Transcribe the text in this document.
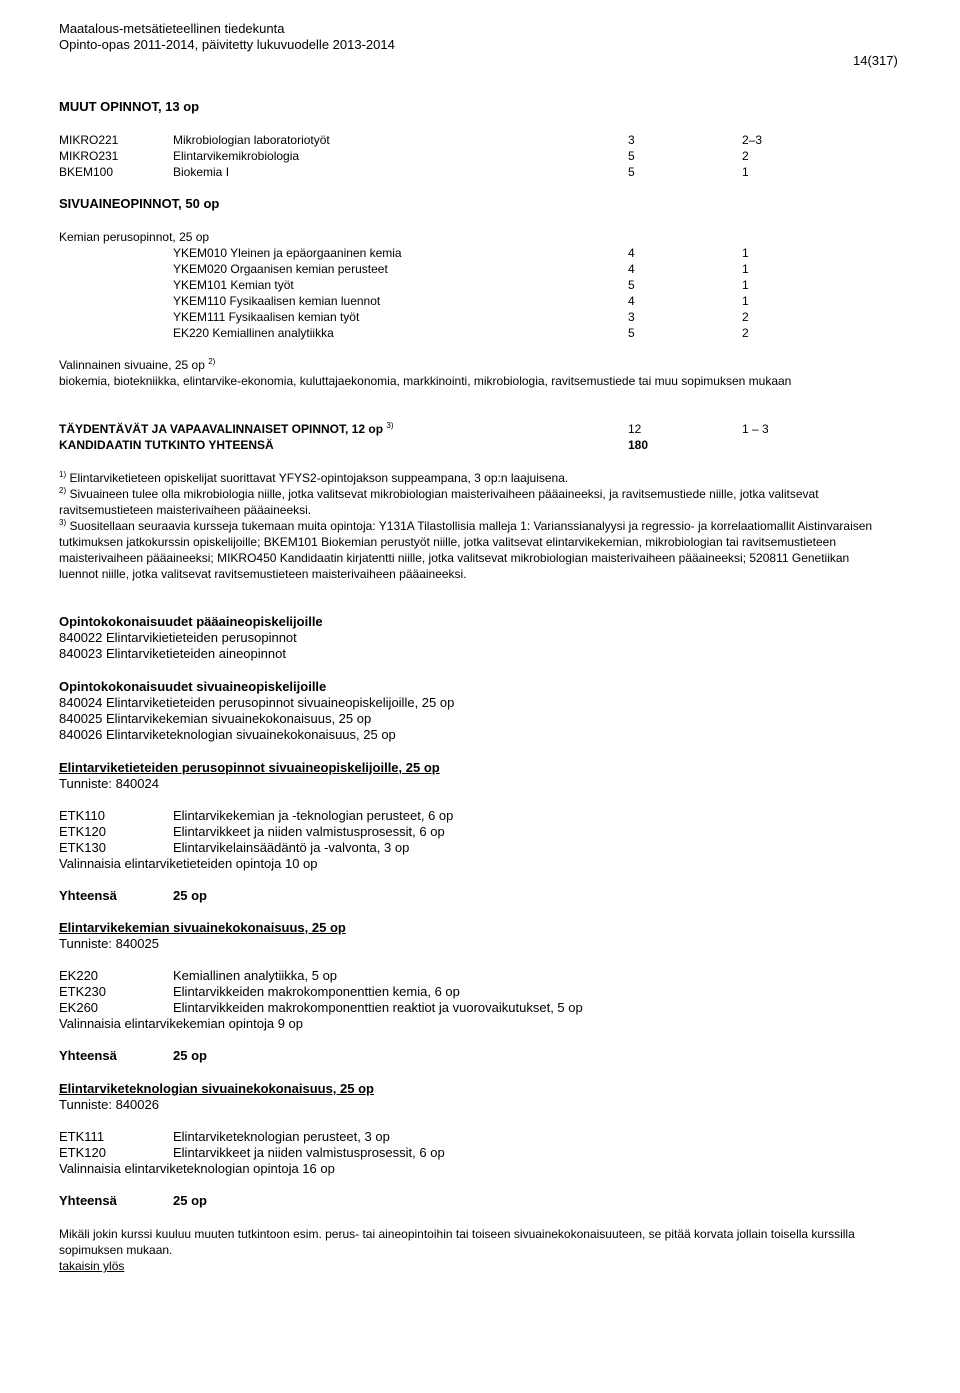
Maatalous-metsätieteellinen tiedekunta
Opinto-opas 2011-2014, päivitetty lukuvuodelle 2013-2014
14(317)
MUUT OPINNOT, 13 op
MIKRO221	Mikrobiologian laboratoriotyöt	3	2–3
MIKRO231	Elintarvikemikrobiologia	5	2
BKEM100	Biokemia I	5	1
SIVUAINEOPINNOT, 50 op
Kemian perusopinnot, 25 op
YKEM010 Yleinen ja epäorgaaninen kemia	4	1
YKEM020 Orgaanisen kemian perusteet	4	1
YKEM101 Kemian työt	5	1
YKEM110 Fysikaalisen kemian luennot	4	1
YKEM111 Fysikaalisen kemian työt	3	2
EK220 Kemiallinen analytiikka	5	2
Valinnainen sivuaine, 25 op $^{2)}$
biokemia, biotekniikka, elintarvike-ekonomia, kuluttajaekonomia, markkinointi, mikrobiologia, ravitsemustiede tai muu sopimuksen mukaan
TÄYDENTÄVÄT JA VAPAAVALINNAISET OPINNOT, 12 op $^{3)}$	12	1 – 3
KANDIDAATIN TUTKINTO YHTEENSÄ	180
$^{1)}$ Elintarviketieteen opiskelijat suorittavat YFYS2-opintojakson suppeampana, 3 op:n laajuisena.
$^{2)}$ Sivuaineen tulee olla mikrobiologia niille, jotka valitsevat mikrobiologian maisterivaiheen pääaineeksi, ja ravitsemustiede niille, jotka valitsevat ravitsemustieteen maisterivaiheen pääaineeksi.
$^{3)}$ Suositellaan seuraavia kursseja tukemaan muita opintoja: Y131A Tilastollisia malleja 1: Varianssianalyysi ja regressio- ja korrelaatiomallit Aistinvaraisen tutkimuksen jatkokurssin opiskelijoille; BKEM101 Biokemian perustyöt niille, jotka valitsevat elintarvikekemian, mikrobiologian tai ravitsemustieteen maisterivaiheen pääaineeksi; MIKRO450 Kandidaatin kirjatentti niille, jotka valitsevat mikrobiologian maisterivaiheen pääaineeksi; 520811 Genetiikan luennot niille, jotka valitsevat ravitsemustieteen maisterivaiheen pääaineeksi.
Opintokokonaisuudet pääaineopiskelijoille
840022 Elintarvikietieteiden perusopinnot
840023 Elintarviketieteiden aineopinnot
Opintokokonaisuudet sivuaineopiskelijoille
840024 Elintarviketieteiden perusopinnot sivuaineopiskelijoille, 25 op
840025 Elintarvikekemian sivuainekokonaisuus, 25 op
840026 Elintarviketeknologian sivuainekokonaisuus, 25 op
Elintarviketieteiden perusopinnot sivuaineopiskelijoille, 25 op
Tunniste: 840024
ETK110	Elintarvikekemian ja -teknologian perusteet, 6 op
ETK120	Elintarvikkeet ja niiden valmistusprosessit, 6 op
ETK130	Elintarvikelainsäädäntö ja -valvonta, 3 op
Valinnaisia elintarviketieteiden opintoja 10 op
Yhteensä	25 op
Elintarvikekemian sivuainekokonaisuus, 25 op
Tunniste: 840025
EK220	Kemiallinen analytiikka, 5 op
ETK230	Elintarvikkeiden makrokomponenttien kemia, 6 op
EK260	Elintarvikkeiden makrokomponenttien reaktiot ja vuorovaikutukset, 5 op
Valinnaisia elintarvikekemian opintoja 9 op
Yhteensä	25 op
Elintarviketeknologian sivuainekokonaisuus, 25 op
Tunniste: 840026
ETK111	Elintarviketeknologian perusteet, 3 op
ETK120	Elintarvikkeet ja niiden valmistusprosessit, 6 op
Valinnaisia elintarviketeknologian opintoja 16 op
Yhteensä	25 op
Mikäli jokin kurssi kuuluu muuten tutkintoon esim. perus- tai aineopintoihin tai toiseen sivuainekokonaisuuteen, se pitää korvata jollain toisella kurssilla sopimuksen mukaan.
takaisin ylös
